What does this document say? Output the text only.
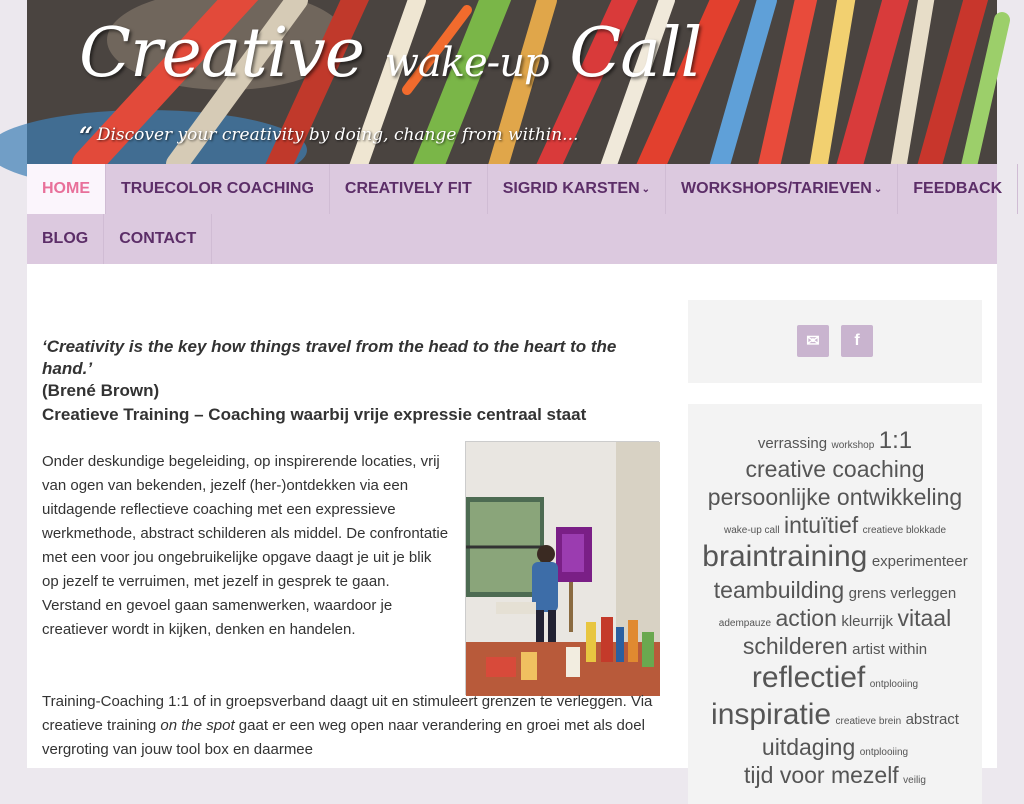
Creative wake-up Call
“ Discover your creativity by doing, change from within...
HOME	TRUECOLOR COACHING	CREATIVELY FIT	SIGRID KARSTEN ⌄	WORKSHOPS/TARIEVEN ⌄	FEEDBACK
BLOG	CONTACT
‘Creativity is the key how things travel from the head to the heart to the hand.’
(Brené Brown)
Creatieve Training – Coaching waarbij vrije expressie centraal staat
Onder deskundige begeleiding, op inspirerende locaties, vrij van ogen van bekenden, jezelf (her-)ontdekken via een uitdagende reflectieve coaching met een expressieve werkmethode, abstract schilderen als middel. De confrontatie met een voor jou ongebruikelijke opgave daagt je uit je blik op jezelf te verruimen, met jezelf in gesprek te gaan. Verstand en gevoel gaan samenwerken, waardoor je creatiever wordt in kijken, denken en handelen.
Training-Coaching 1:1 of in groepsverband daagt uit en stimuleert grenzen te verleggen. Via creatieve training on the spot gaat er een weg open naar verandering en groei met als doel vergroting van jouw tool box en daarmee
✉ f
verrassing workshop 1:1 creative coaching persoonlijke ontwikkeling wake-up call intuïtief creatieve blokkade braintraining experimenteer teambuilding grens verleggen adempauze action kleurrijk vitaal schilderen artist within reflectief ontplooiing inspiratie creatieve brein abstract uitdaging ontplooiing tijd voor mezelf veilig
